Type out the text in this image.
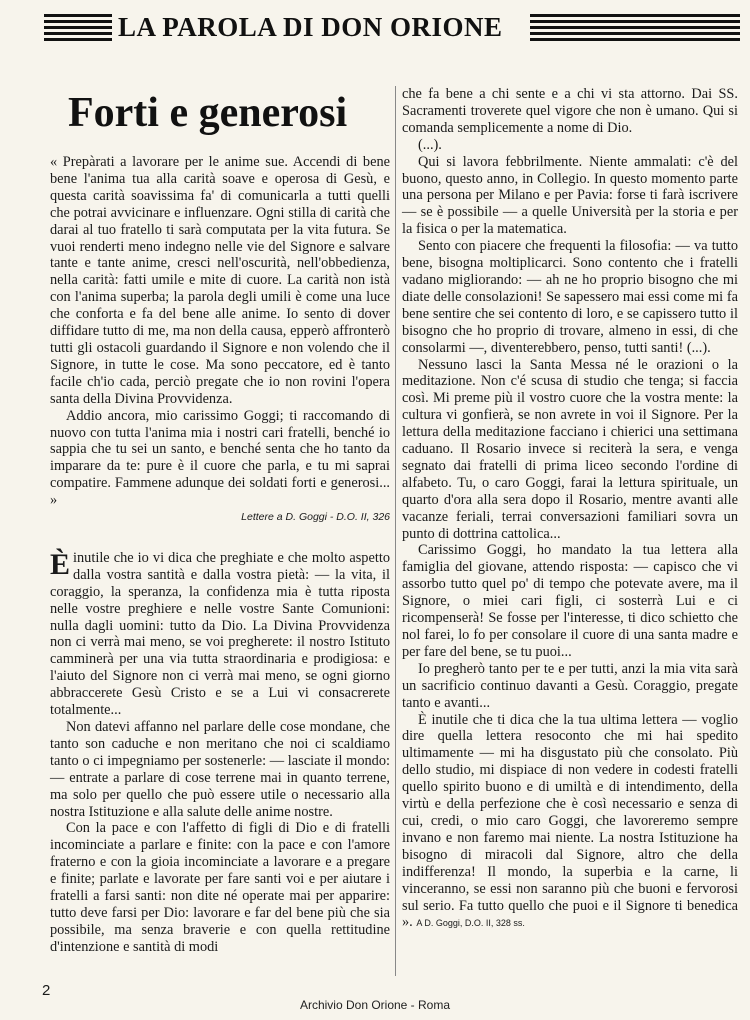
LA PAROLA DI DON ORIONE
Forti e generosi

« Prepàrati a lavorare per le anime sue. Accendi di bene bene l'anima tua alla carità soave e operosa di Gesù, e questa carità soavissima fa' di comunicarla a tutti quelli che potrai avvicinare e influenzare. Ogni stilla di carità che darai al tuo fratello ti sarà computata per la vita futura. Se vuoi renderti meno indegno nelle vie del Signore e salvare tante e tante anime, cresci nell'oscurità, nell'obbedienza, nella carità: fatti umile e mite di cuore. La carità non istà con l'anima superba; la parola degli umili è come una luce che conforta e fa del bene alle anime. Io sento di dover diffidare tutto di me, ma non della causa, epperò affronterò tutti gli ostacoli guardando il Signore e non volendo che il Signore, in tutte le cose. Ma sono peccatore, ed è tanto facile ch'io cada, perciò pregate che io non rovini l'opera santa della Divina Provvidenza.

Addio ancora, mio carissimo Goggi; ti raccomando di nuovo con tutta l'anima mia i nostri cari fratelli, benché io sappia che tu sei un santo, e benché senta che ho tanto da imparare da te: pure è il cuore che parla, e tu mi saprai compatire. Fammene adunque dei soldati forti e generosi... »

Lettere a D. Goggi - D.O. II, 326

È inutile che io vi dica che preghiate e che molto aspetto dalla vostra santità e dalla vostra pietà: — la vita, il coraggio, la speranza, la confidenza mia è tutta riposta nelle vostre preghiere e nelle vostre Sante Comunioni: nulla dagli uomini: tutto da Dio. La Divina Provvidenza non ci verrà mai meno, se voi pregherete: il nostro Istituto camminerà per una via tutta straordinaria e prodigiosa: e l'aiuto del Signore non ci verrà mai meno, se ogni giorno abbraccerete Gesù Cristo e se a Lui vi consacrerete totalmente...

Non datevi affanno nel parlare delle cose mondane, che tanto son caduche e non meritano che noi ci scaldiamo tanto o ci impegniamo per sostenerle: — lasciate il mondo: — entrate a parlare di cose terrene mai in quanto terrene, ma solo per quello che può essere utile o necessario alla nostra Istituzione e alla salute delle anime nostre.

Con la pace e con l'affetto di figli di Dio e di fratelli incominciate a parlare e finite: con la pace e con l'amore fraterno e con la gioia incominciate a lavorare e a pregare e finite; parlate e lavorate per fare santi voi e per aiutare i fratelli a farsi santi: non dite né operate mai per apparire: tutto deve farsi per Dio: lavorare e far del bene più che sia possibile, ma senza braverie e con quella rettitudine d'intenzione e santità di modi

che fa bene a chi sente e a chi vi sta attorno. Dai SS. Sacramenti troverete quel vigore che non è umano. Qui si comanda semplicemente a nome di Dio.

(...).

Qui si lavora febbrilmente. Niente ammalati: c'è del buono, questo anno, in Collegio. In questo momento parte una persona per Milano e per Pavia: forse ti farà iscrivere — se è possibile — a quelle Università per la storia e per la fisica o per la matematica.

Sento con piacere che frequenti la filosofia: — va tutto bene, bisogna moltiplicarci. Sono contento che i fratelli vadano migliorando: — ah ne ho proprio bisogno che mi diate delle consolazioni! Se sapessero mai essi come mi fa bene sentire che sei contento di loro, e se capissero tutto il bisogno che ho proprio di trovare, almeno in essi, di che consolarmi —, diventerebbero, penso, tutti santi! (...).

Nessuno lasci la Santa Messa né le orazioni o la meditazione. Non c'é scusa di studio che tenga; si faccia così. Mi preme più il vostro cuore che la vostra mente: la cultura vi gonfierà, se non avrete in voi il Signore. Per la lettura della meditazione facciano i chierici una settimana caduano. Il Rosario invece si reciterà la sera, e venga segnato dai fratelli di prima liceo secondo l'ordine di alfabeto. Tu, o caro Goggi, farai la lettura spirituale, un quarto d'ora alla sera dopo il Rosario, mentre avanti alle vacanze feriali, terrai conversazioni familiari sovra un punto di dottrina cattolica...

Carissimo Goggi, ho mandato la tua lettera alla famiglia del giovane, attendo risposta: — capisco che vi assorbo tutto quel po' di tempo che potevate avere, ma il Signore, o miei cari figli, ci sosterrà Lui e ci ricompenserà! Se fosse per l'interesse, ti dico schietto che nol farei, lo fo per consolare il cuore di una santa madre e per fare del bene, se tu puoi...

Io pregherò tanto per te e per tutti, anzi la mia vita sarà un sacrificio continuo davanti a Gesù. Coraggio, pregate tanto e avanti...

È inutile che ti dica che la tua ultima lettera — voglio dire quella lettera resoconto che mi hai spedito ultimamente — mi ha disgustato più che consolato. Più dello studio, mi dispiace di non vedere in codesti fratelli quello spirito buono e di umiltà e di intendimento, della virtù e della perfezione che è così necessario e senza di cui, credi, o mio caro Goggi, che lavoreremo sempre invano e non faremo mai niente. La nostra Istituzione ha bisogno di miracoli dal Signore, altro che della indifferenza! Il mondo, la superbia e la carne, li vinceranno, se essi non saranno più che buoni e fervorosi sul serio. Fa tutto quello che puoi e il Signore ti benedica ». A D. Goggi, D.O. II, 328 ss.

2
Archivio Don Orione - Roma
